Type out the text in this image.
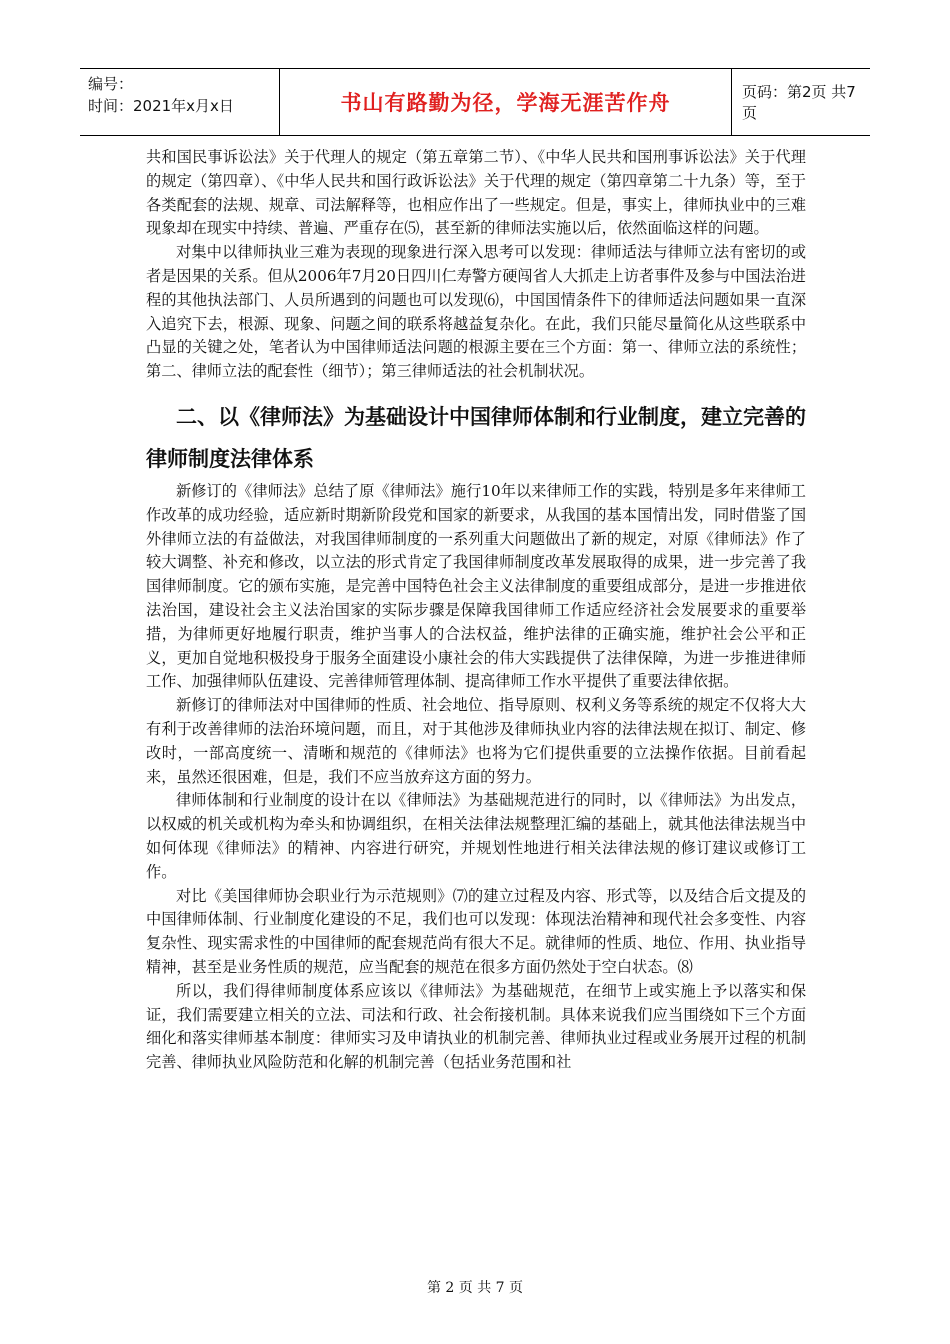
编号：
时间：2021年x月x日	书山有路勤为径，学海无涯苦作舟	页码：第2页 共7页

共和国民事诉讼法》关于代理人的规定（第五章第二节）、《中华人民共和国刑事诉讼法》关于代理的规定（第四章）、《中华人民共和国行政诉讼法》关于代理的规定（第四章第二十九条）等，至于各类配套的法规、规章、司法解释等，也相应作出了一些规定。但是，事实上，律师执业中的三难现象却在现实中持续、普遍、严重存在⑸，甚至新的律师法实施以后，依然面临这样的问题。

对集中以律师执业三难为表现的现象进行深入思考可以发现：律师适法与律师立法有密切的或者是因果的关系。但从2006年7月20日四川仁寿警方硬闯省人大抓走上访者事件及参与中国法治进程的其他执法部门、人员所遇到的问题也可以发现⑹，中国国情条件下的律师适法问题如果一直深入追究下去，根源、现象、问题之间的联系将越益复杂化。在此，我们只能尽量简化从这些联系中凸显的关键之处，笔者认为中国律师适法问题的根源主要在三个方面：第一、律师立法的系统性；第二、律师立法的配套性（细节）；第三律师适法的社会机制状况。

二、以《律师法》为基础设计中国律师体制和行业制度，建立完善的律师制度法律体系

新修订的《律师法》总结了原《律师法》施行10年以来律师工作的实践，特别是多年来律师工作改革的成功经验，适应新时期新阶段党和国家的新要求，从我国的基本国情出发，同时借鉴了国外律师立法的有益做法，对我国律师制度的一系列重大问题做出了新的规定，对原《律师法》作了较大调整、补充和修改，以立法的形式肯定了我国律师制度改革发展取得的成果，进一步完善了我国律师制度。它的颁布实施，是完善中国特色社会主义法律制度的重要组成部分，是进一步推进依法治国，建设社会主义法治国家的实际步骤是保障我国律师工作适应经济社会发展要求的重要举措，为律师更好地履行职责，维护当事人的合法权益，维护法律的正确实施，维护社会公平和正义，更加自觉地积极投身于服务全面建设小康社会的伟大实践提供了法律保障，为进一步推进律师工作、加强律师队伍建设、完善律师管理体制、提高律师工作水平提供了重要法律依据。

新修订的律师法对中国律师的性质、社会地位、指导原则、权利义务等系统的规定不仅将大大有利于改善律师的法治环境问题，而且，对于其他涉及律师执业内容的法律法规在拟订、制定、修改时，一部高度统一、清晰和规范的《律师法》也将为它们提供重要的立法操作依据。目前看起来，虽然还很困难，但是，我们不应当放弃这方面的努力。

律师体制和行业制度的设计在以《律师法》为基础规范进行的同时，以《律师法》为出发点，以权威的机关或机构为牵头和协调组织，在相关法律法规整理汇编的基础上，就其他法律法规当中如何体现《律师法》的精神、内容进行研究，并规划性地进行相关法律法规的修订建议或修订工作。

对比《美国律师协会职业行为示范规则》⑺的建立过程及内容、形式等，以及结合后文提及的中国律师体制、行业制度化建设的不足，我们也可以发现：体现法治精神和现代社会多变性、内容复杂性、现实需求性的中国律师的配套规范尚有很大不足。就律师的性质、地位、作用、执业指导精神，甚至是业务性质的规范，应当配套的规范在很多方面仍然处于空白状态。⑻

所以，我们得律师制度体系应该以《律师法》为基础规范，在细节上或实施上予以落实和保证，我们需要建立相关的立法、司法和行政、社会衔接机制。具体来说我们应当围绕如下三个方面细化和落实律师基本制度：律师实习及申请执业的机制完善、律师执业过程或业务展开过程的机制完善、律师执业风险防范和化解的机制完善（包括业务范围和社

第 2 页 共 7 页
